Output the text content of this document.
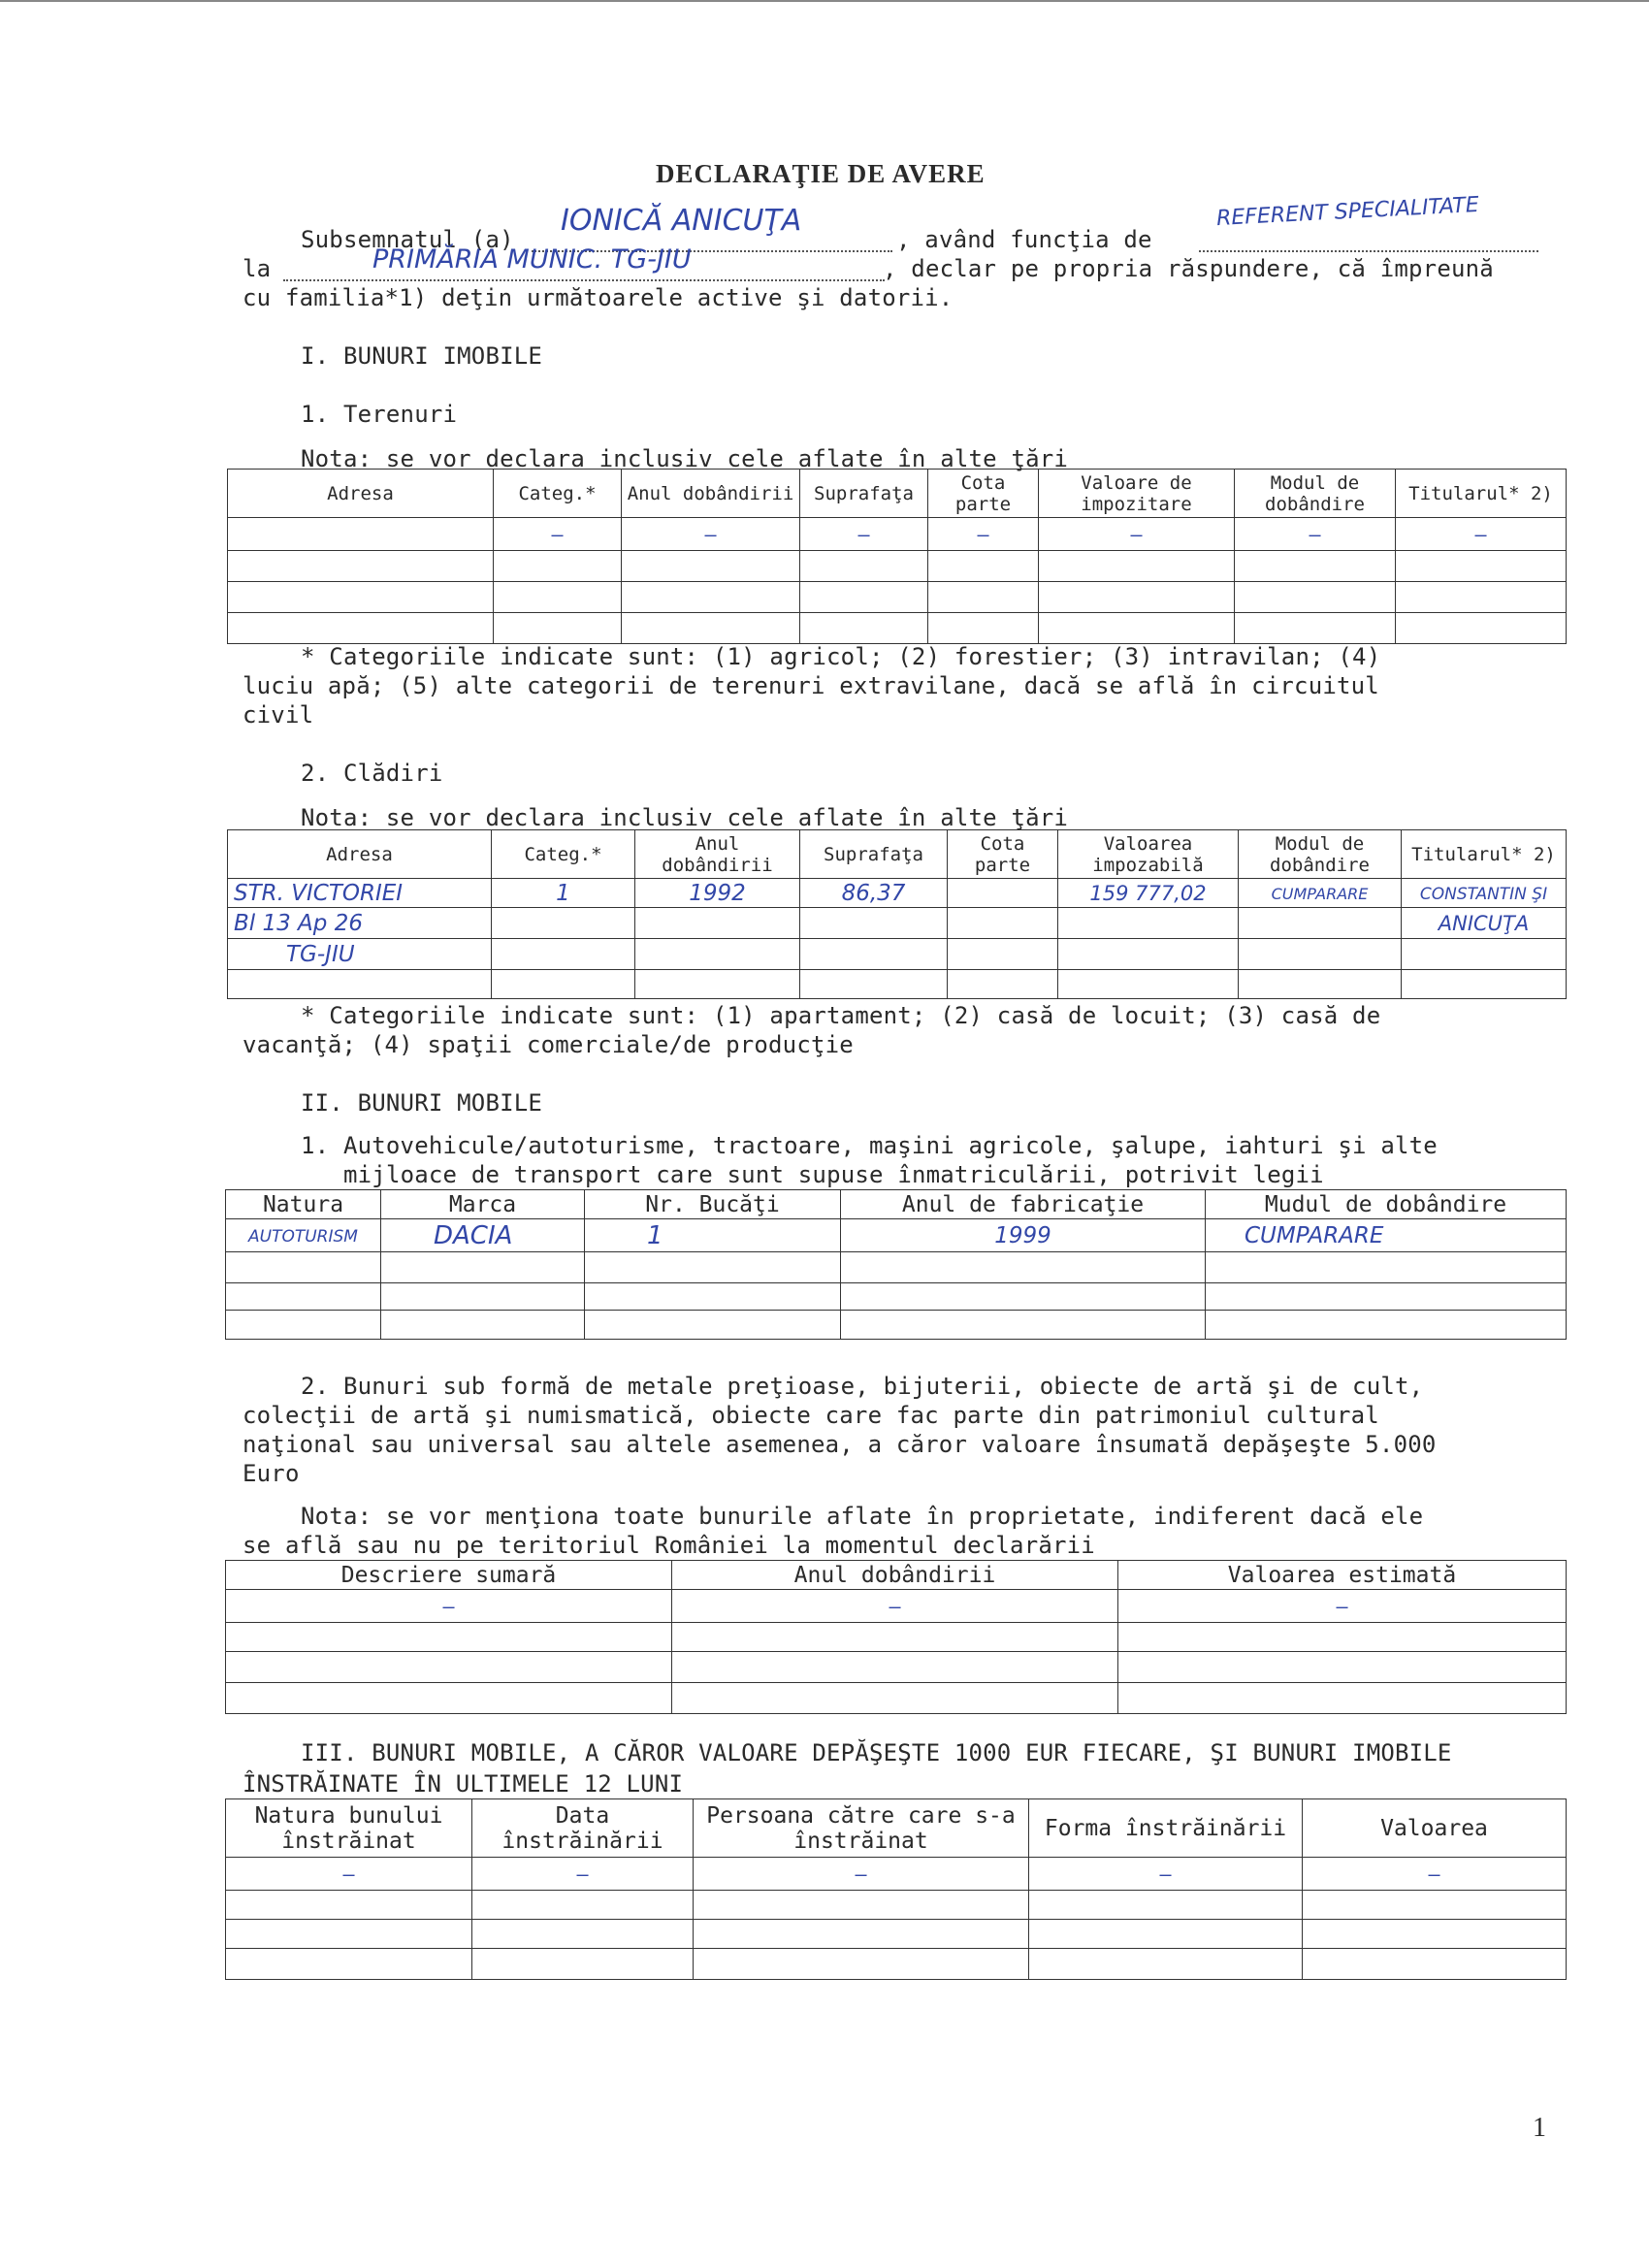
DECLARAŢIE DE AVERE
Subsemnatul (a)
IONICĂ ANICUŢA
, având funcţia de
REFERENT SPECIALITATE
la	PRIMĂRIA MUNIC. TG-JIU	, declar pe propria răspundere, că împreună
cu familia*1) deţin următoarele active şi datorii.
I. BUNURI IMOBILE
1. Terenuri
Nota: se vor declara inclusiv cele aflate în alte ţări
Adresa	Categ.*	Anul dobândirii	Suprafaţa	Cota parte	Valoare de impozitare	Modul de dobândire	Titularul* 2)
	—	—	—	—	—	—	—

* Categoriile indicate sunt: (1) agricol; (2) forestier; (3) intravilan; (4)
luciu apă; (5) alte categorii de terenuri extravilane, dacă se află în circuitul
civil
2. Clădiri
Nota: se vor declara inclusiv cele aflate în alte ţări
Adresa	Categ.*	Anul dobândirii	Suprafaţa	Cota parte	Valoarea impozabilă	Modul de dobândire	Titularul* 2)
STR. VICTORIEI	1	1992	86,37		159 777,02	CUMPARARE	CONSTANTIN ŞI
Bl 13 Ap 26							ANICUŢA
TG-JIU							

* Categoriile indicate sunt: (1) apartament; (2) casă de locuit; (3) casă de
vacanţă; (4) spaţii comerciale/de producţie
II. BUNURI MOBILE
1. Autovehicule/autoturisme, tractoare, maşini agricole, şalupe, iahturi şi alte
mijloace de transport care sunt supuse înmatriculării, potrivit legii
Natura	Marca	Nr. Bucăţi	Anul de fabricaţie	Mudul de dobândire
AUTOTURISM	DACIA	1	1999	CUMPARARE

2. Bunuri sub formă de metale preţioase, bijuterii, obiecte de artă şi de cult,
colecţii de artă şi numismatică, obiecte care fac parte din patrimoniul cultural
naţional sau universal sau altele asemenea, a căror valoare însumată depăşeşte 5.000
Euro
Nota: se vor menţiona toate bunurile aflate în proprietate, indiferent dacă ele
se află sau nu pe teritoriul României la momentul declarării
Descriere sumară	Anul dobândirii	Valoarea estimată
—	—	—

III. BUNURI MOBILE, A CĂROR VALOARE DEPĂŞEŞTE 1000 EUR FIECARE, ŞI BUNURI IMOBILE
ÎNSTRĂINATE ÎN ULTIMELE 12 LUNI
Natura bunului înstrăinat	Data înstrăinării	Persoana către care s-a înstrăinat	Forma înstrăinării	Valoarea
—	—	—	—	—

1
